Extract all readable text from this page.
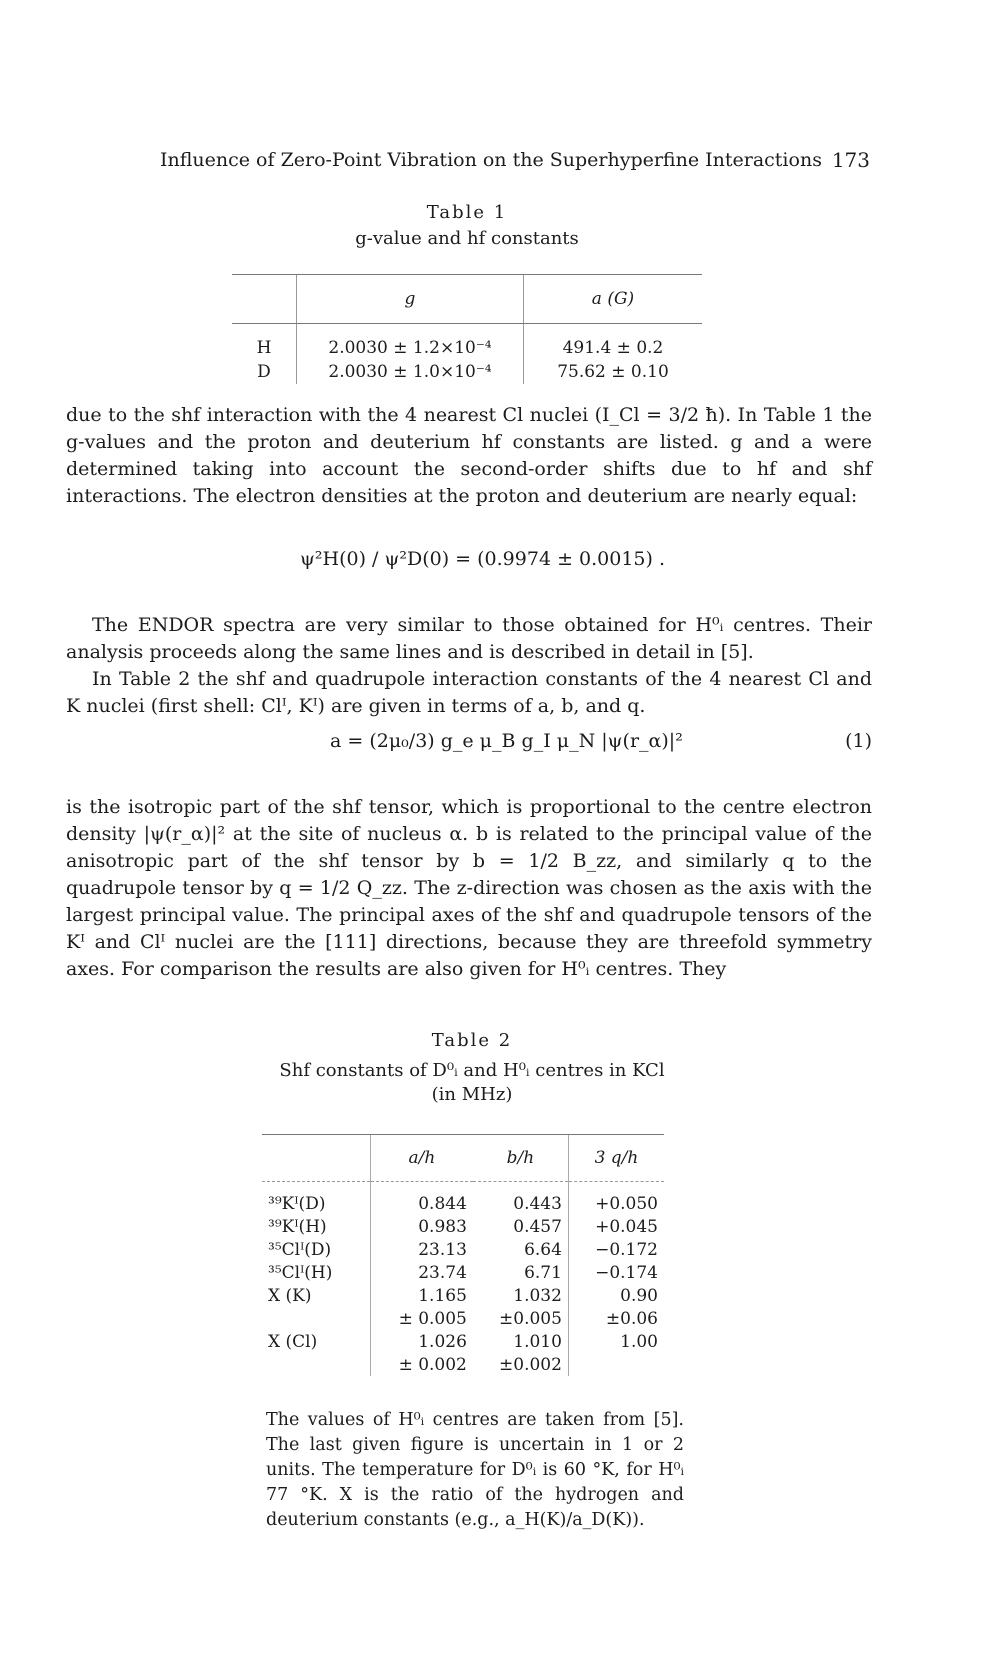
Influence of Zero-Point Vibration on the Superhyperfine Interactions 173
Table 1
g-value and hf constants
	g	a (G)
H	2.0030 ± 1.2×10⁻⁴	491.4 ± 0.2
D	2.0030 ± 1.0×10⁻⁴	75.62 ± 0.10

due to the shf interaction with the 4 nearest Cl nuclei (I_Cl = 3/2 ħ). In Table 1 the g-values and the proton and deuterium hf constants are listed. g and a were determined taking into account the second-order shifts due to hf and shf interactions. The electron densities at the proton and deuterium are nearly equal:

ψ²H(0) / ψ²D(0) = (0.9974 ± 0.0015) .

The ENDOR spectra are very similar to those obtained for H⁰ᵢ centres. Their analysis proceeds along the same lines and is described in detail in [5].

In Table 2 the shf and quadrupole interaction constants of the 4 nearest Cl and K nuclei (first shell: Clᴵ, Kᴵ) are given in terms of a, b, and q.

a = (2μ₀/3) g_e μ_B g_I μ_N |ψ(r_α)|²	(1)

is the isotropic part of the shf tensor, which is proportional to the centre electron density |ψ(r_α)|² at the site of nucleus α. b is related to the principal value of the anisotropic part of the shf tensor by b = 1/2 B_zz, and similarly q to the quadrupole tensor by q = 1/2 Q_zz. The z-direction was chosen as the axis with the largest principal value. The principal axes of the shf and quadrupole tensors of the Kᴵ and Clᴵ nuclei are the [111] directions, because they are threefold symmetry axes. For comparison the results are also given for H⁰ᵢ centres. They

Table 2
Shf constants of D⁰ᵢ and H⁰ᵢ centres in KCl
(in MHz)
	a/h	b/h	3 q/h
³⁹Kᴵ(D)	0.844	0.443	+0.050
³⁹Kᴵ(H)	0.983	0.457	+0.045
³⁵Clᴵ(D)	23.13	6.64	−0.172
³⁵Clᴵ(H)	23.74	6.71	−0.174
X (K)	1.165	1.032	0.90
	± 0.005	±0.005	±0.06
X (Cl)	1.026	1.010	1.00
	± 0.002	±0.002	

The values of H⁰ᵢ centres are taken from [5]. The last given figure is uncertain in 1 or 2 units. The temperature for D⁰ᵢ is 60 °K, for H⁰ᵢ 77 °K. X is the ratio of the hydrogen and deuterium constants (e.g., a_H(K)/a_D(K)).
